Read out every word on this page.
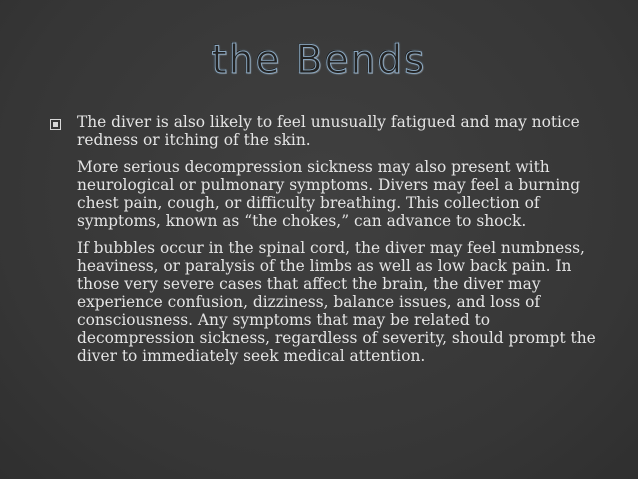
the Bends

The diver is also likely to feel unusually fatigued and may notice redness or itching of the skin.

More serious decompression sickness may also present with neurological or pulmonary symptoms. Divers may feel a burning chest pain, cough, or difficulty breathing. This collection of symptoms, known as “the chokes,” can advance to shock.

If bubbles occur in the spinal cord, the diver may feel numbness, heaviness, or paralysis of the limbs as well as low back pain. In those very severe cases that affect the brain, the diver may experience confusion, dizziness, balance issues, and loss of consciousness. Any symptoms that may be related to decompression sickness, regardless of severity, should prompt the diver to immediately seek medical attention.
